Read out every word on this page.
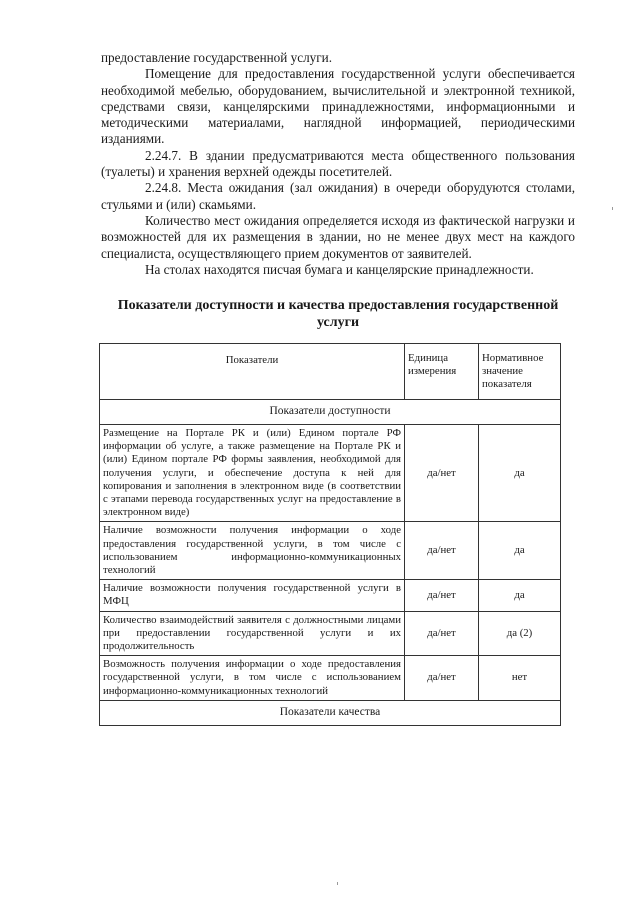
предоставление государственной услуги.

Помещение для предоставления государственной услуги обеспечивается необходимой мебелью, оборудованием, вычислительной и электронной техникой, средствами связи, канцелярскими принадлежностями, информационными и методическими материалами, наглядной информацией, периодическими изданиями.

2.24.7. В здании предусматриваются места общественного пользования (туалеты) и хранения верхней одежды посетителей.

2.24.8. Места ожидания (зал ожидания) в очереди оборудуются столами, стульями и (или) скамьями.

Количество мест ожидания определяется исходя из фактической нагрузки и возможностей для их размещения в здании, но не менее двух мест на каждого специалиста, осуществляющего прием документов от заявителей.

На столах находятся писчая бумага и канцелярские принадлежности.

Показатели доступности и качества предоставления государственной услуги
Показатели	Единица измерения	Нормативное значение показателя
Показатели доступности		
Размещение на Портале РК и (или) Едином портале РФ информации об услуге, а также размещение на Портале РК и (или) Едином портале РФ формы заявления, необходимой для получения услуги, и обеспечение доступа к ней для копирования и заполнения в электронном виде (в соответствии с этапами перевода государственных услуг на предоставление в электронном виде)	да/нет	да
Наличие возможности получения информации о ходе предоставления государственной услуги, в том числе с использованием информационно-коммуникационных технологий	да/нет	да
Наличие возможности получения государственной услуги в МФЦ	да/нет	да
Количество взаимодействий заявителя с должностными лицами при предоставлении государственной услуги и их продолжительность	да/нет	да (2)
Возможность получения информации о ходе предоставления государственной услуги, в том числе с использованием информационно-коммуникационных технологий	да/нет	нет
Показатели качества		
